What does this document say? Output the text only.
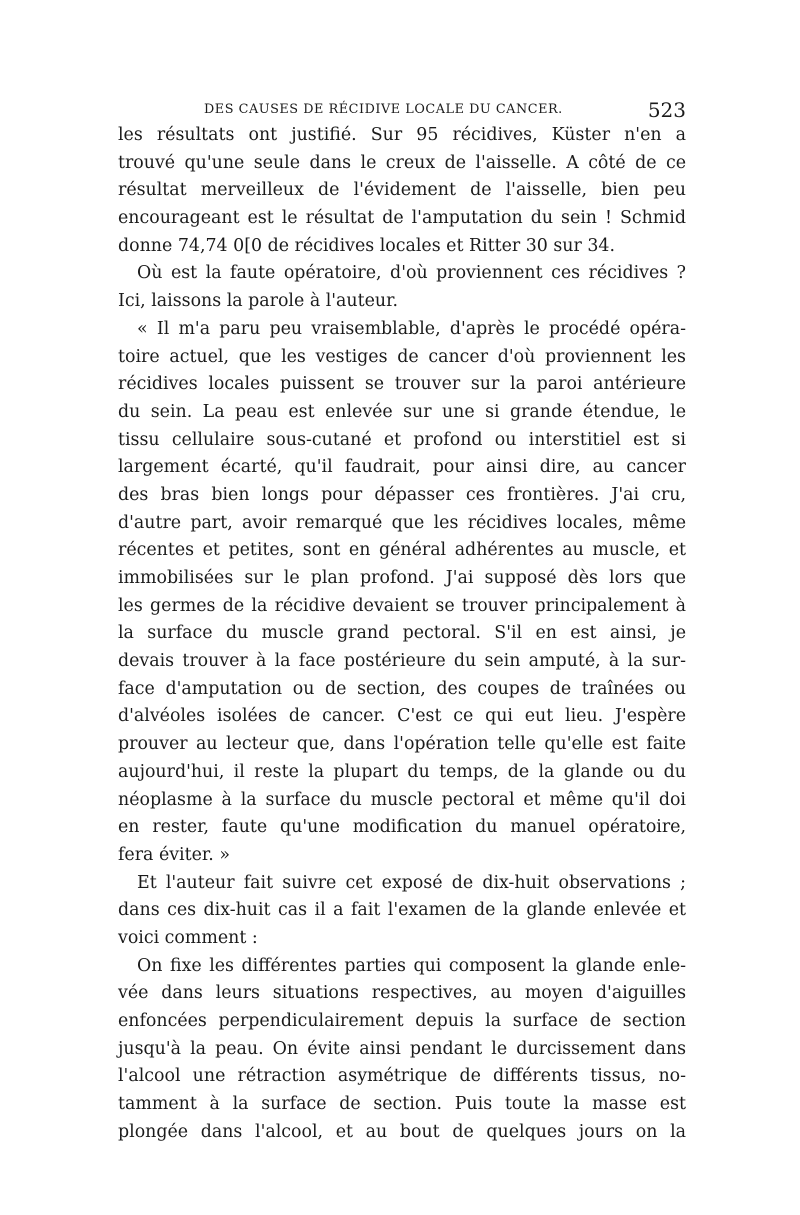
DES CAUSES DE RÉCIDIVE LOCALE DU CANCER.	523
les résultats ont justifié. Sur 95 récidives, Küster n'en a
trouvé qu'une seule dans le creux de l'aisselle. A côté de ce
résultat merveilleux de l'évidement de l'aisselle, bien peu
encourageant est le résultat de l'amputation du sein ! Schmid
donne 74,74 0[0 de récidives locales et Ritter 30 sur 34.
Où est la faute opératoire, d'où proviennent ces récidives ?
Ici, laissons la parole à l'auteur.
« Il m'a paru peu vraisemblable, d'après le procédé opéra-
toire actuel, que les vestiges de cancer d'où proviennent les
récidives locales puissent se trouver sur la paroi antérieure
du sein. La peau est enlevée sur une si grande étendue, le
tissu cellulaire sous-cutané et profond ou interstitiel est si
largement écarté, qu'il faudrait, pour ainsi dire, au cancer
des bras bien longs pour dépasser ces frontières. J'ai cru,
d'autre part, avoir remarqué que les récidives locales, même
récentes et petites, sont en général adhérentes au muscle, et
immobilisées sur le plan profond. J'ai supposé dès lors que
les germes de la récidive devaient se trouver principalement à
la surface du muscle grand pectoral. S'il en est ainsi, je
devais trouver à la face postérieure du sein amputé, à la sur-
face d'amputation ou de section, des coupes de traînées ou
d'alvéoles isolées de cancer. C'est ce qui eut lieu. J'espère
prouver au lecteur que, dans l'opération telle qu'elle est faite
aujourd'hui, il reste la plupart du temps, de la glande ou du
néoplasme à la surface du muscle pectoral et même qu'il doi
en rester, faute qu'une modification du manuel opératoire,
fera éviter. »
Et l'auteur fait suivre cet exposé de dix-huit observations ;
dans ces dix-huit cas il a fait l'examen de la glande enlevée et
voici comment :
On fixe les différentes parties qui composent la glande enle-
vée dans leurs situations respectives, au moyen d'aiguilles
enfoncées perpendiculairement depuis la surface de section
jusqu'à la peau. On évite ainsi pendant le durcissement dans
l'alcool une rétraction asymétrique de différents tissus, no-
tamment à la surface de section. Puis toute la masse est
plongée dans l'alcool, et au bout de quelques jours on la
